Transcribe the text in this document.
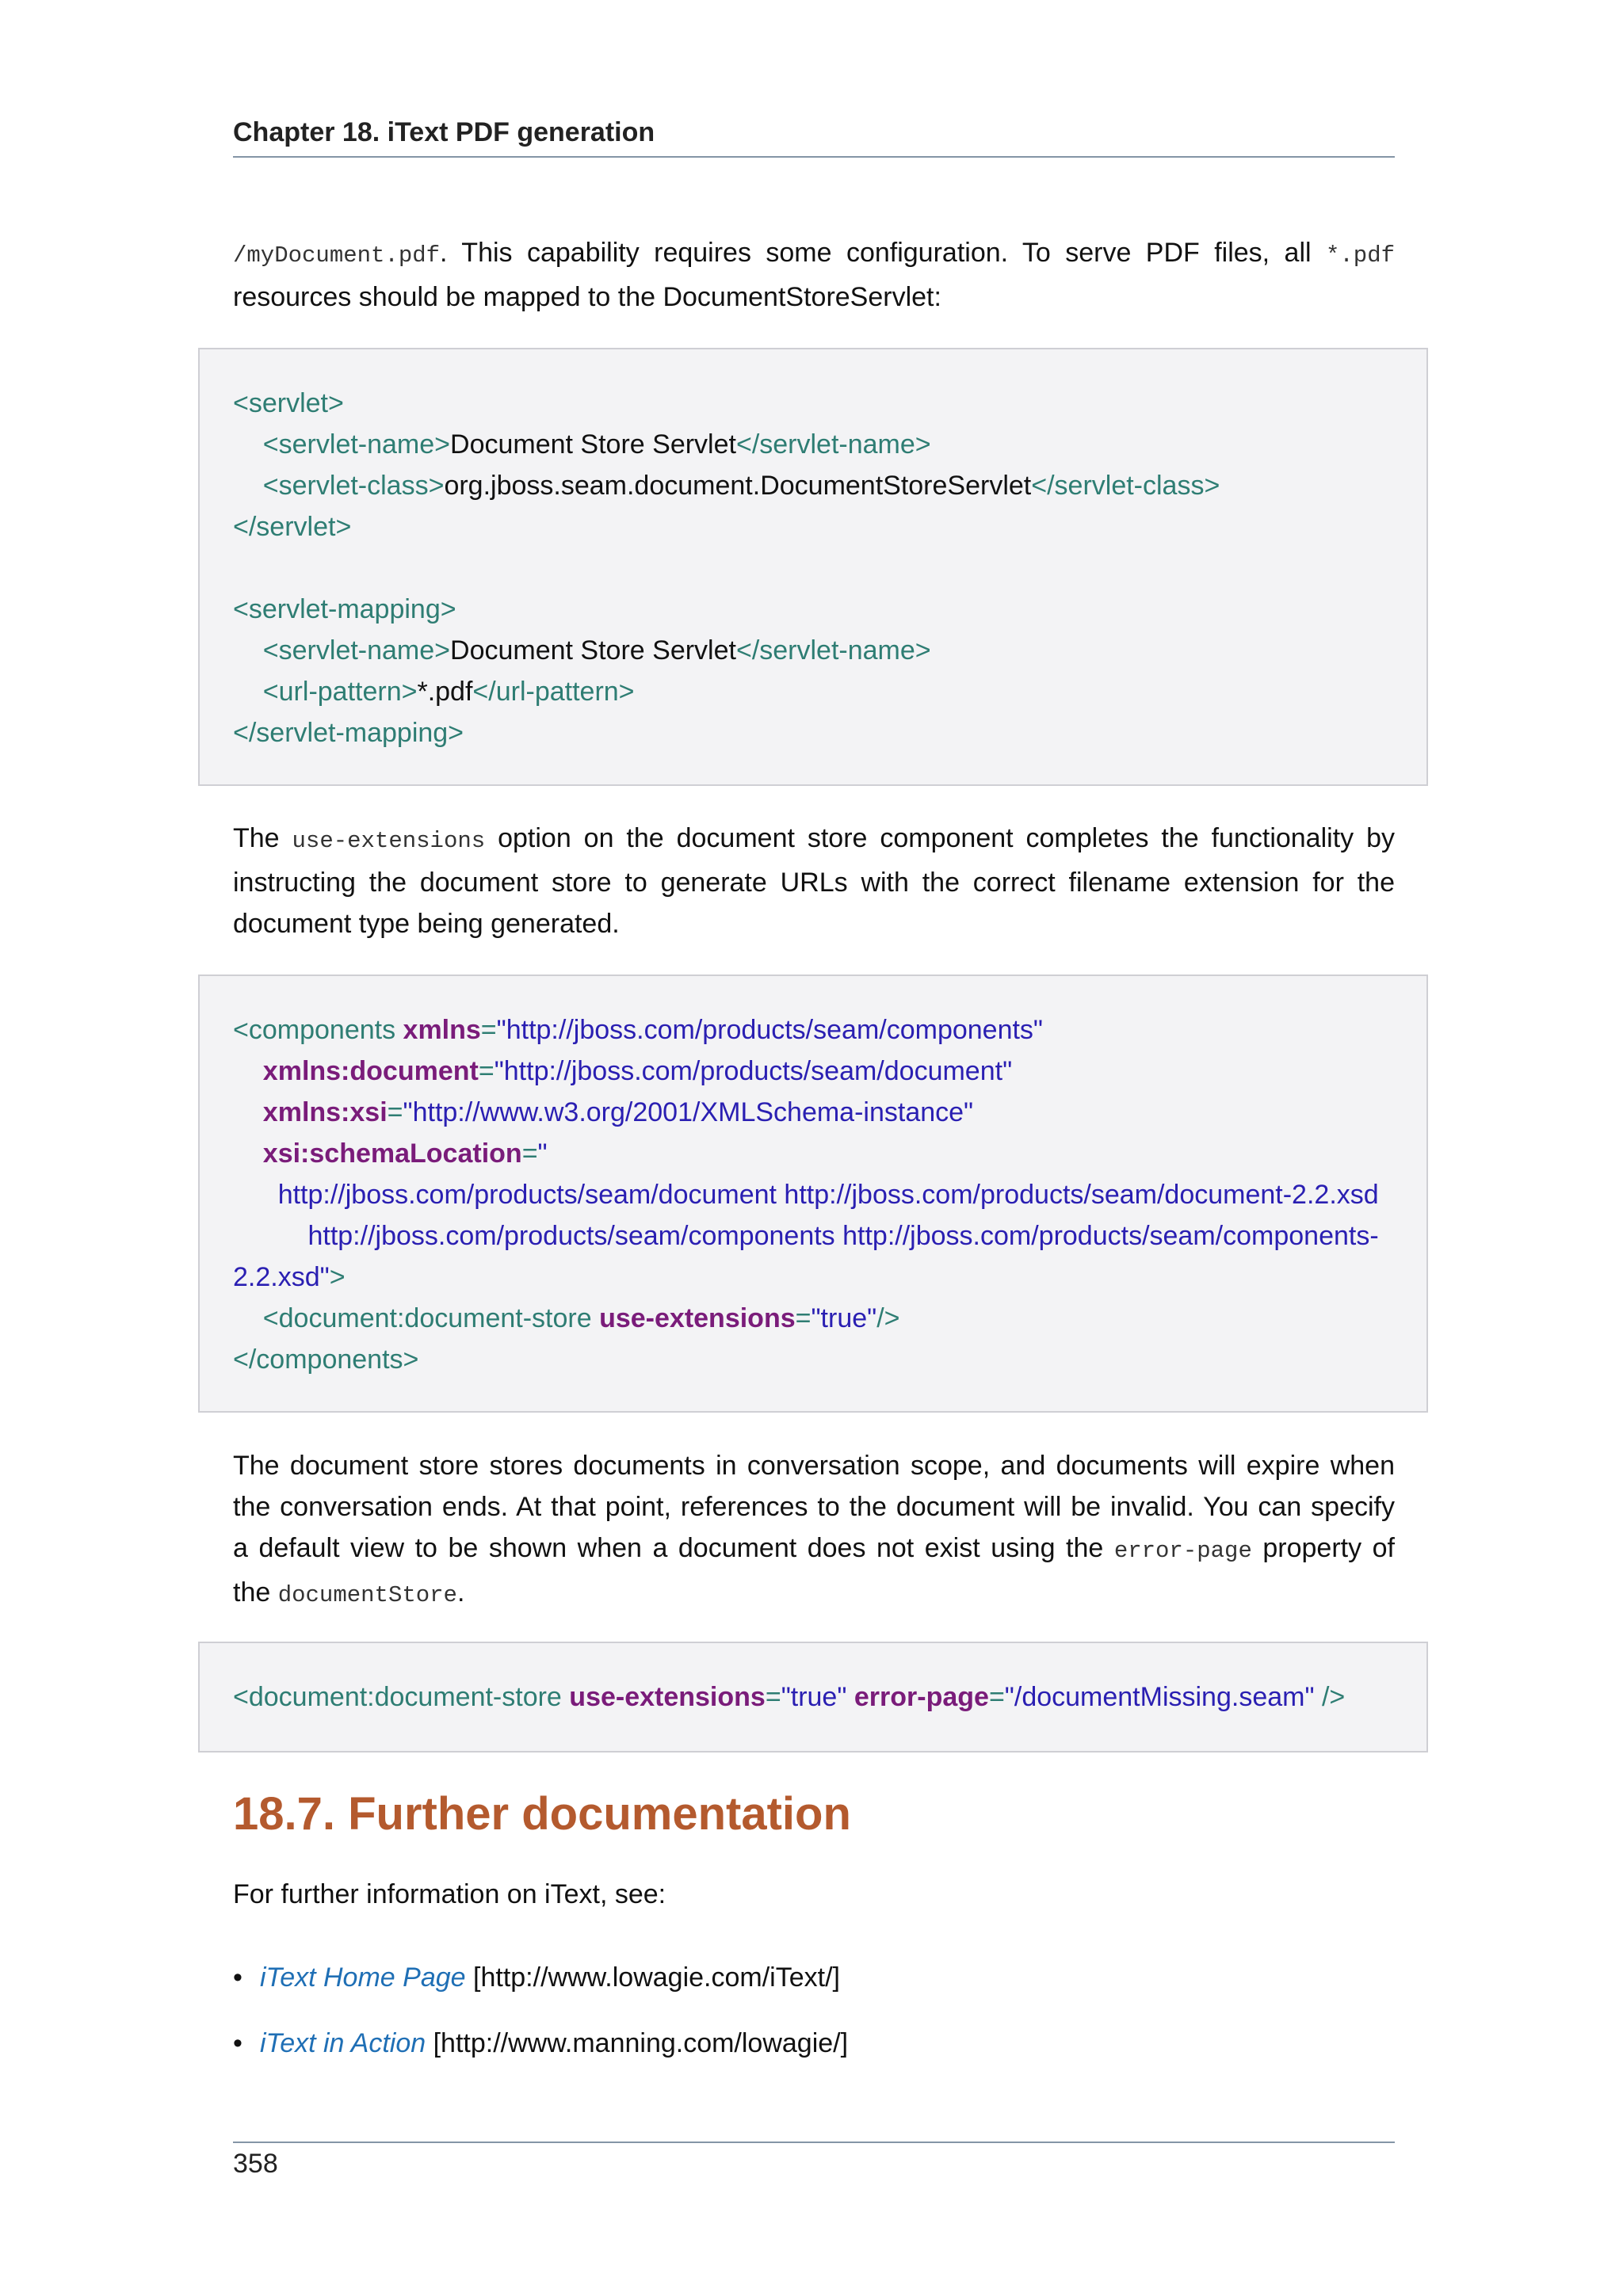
Chapter 18. iText PDF generation
/myDocument.pdf. This capability requires some configuration. To serve PDF files, all *.pdf
resources should be mapped to the DocumentStoreServlet:
<servlet>
<servlet-name>Document Store Servlet</servlet-name>
<servlet-class>org.jboss.seam.document.DocumentStoreServlet</servlet-class>
</servlet>

<servlet-mapping>
<servlet-name>Document Store Servlet</servlet-name>
<url-pattern>*.pdf</url-pattern>
</servlet-mapping>
The use-extensions option on the document store component completes the functionality by
instructing the document store to generate URLs with the correct filename extension for the
document type being generated.
<components xmlns="http://jboss.com/products/seam/components"
xmlns:document="http://jboss.com/products/seam/document"
xmlns:xsi="http://www.w3.org/2001/XMLSchema-instance"
xsi:schemaLocation="
http://jboss.com/products/seam/document http://jboss.com/products/seam/document-2.2.xsd
http://jboss.com/products/seam/components http://jboss.com/products/seam/components-
2.2.xsd">
<document:document-store use-extensions="true"/>
</components>
The document store stores documents in conversation scope, and documents will expire when
the conversation ends. At that point, references to the document will be invalid. You can specify
a default view to be shown when a document does not exist using the error-page property of
the documentStore.
<document:document-store use-extensions="true" error-page="/documentMissing.seam" />
18.7. Further documentation
For further information on iText, see:
• iText Home Page [http://www.lowagie.com/iText/]
• iText in Action [http://www.manning.com/lowagie/]
358
